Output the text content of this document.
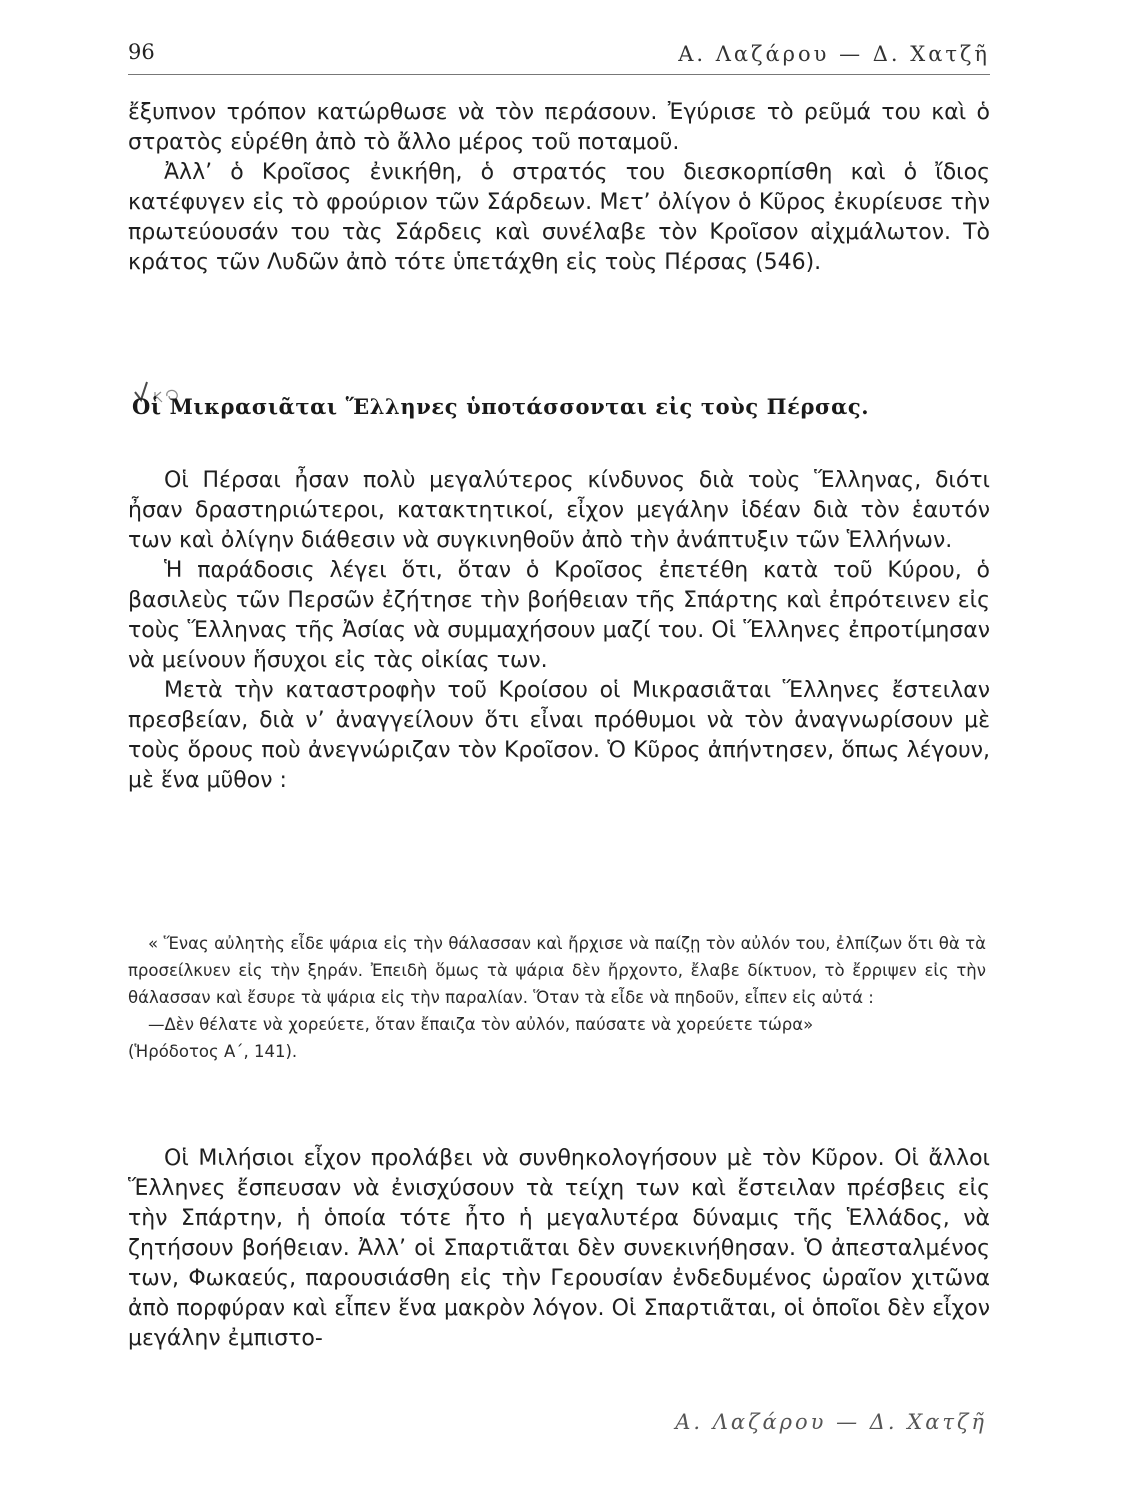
96	Α. Λαζάρου — Δ. Χατζῆ

ἔξυπνον τρόπον κατώρθωσε νὰ τὸν περάσουν. Ἐγύρισε τὸ ρεῦμά του καὶ ὁ στρατὸς εὑρέθη ἀπὸ τὸ ἄλλο μέρος τοῦ ποταμοῦ.

Ἀλλ’ ὁ Κροῖσος ἐνικήθη, ὁ στρατός του διεσκορπίσθη καὶ ὁ ἴδιος κατέφυγεν εἰς τὸ φρούριον τῶν Σάρδεων. Μετ’ ὀλίγον ὁ Κῦρος ἐκυρίευσε τὴν πρωτεύουσάν του τὰς Σάρδεις καὶ συνέλαβε τὸν Κροῖσον αἰχμάλωτον. Τὸ κράτος τῶν Λυδῶν ἀπὸ τότε ὑπετάχθη εἰς τοὺς Πέρσας (546).

Οἱ Μικρασιᾶται Ἕλληνες ὑποτάσσονται εἰς τοὺς Πέρσας.

Οἱ Πέρσαι ἦσαν πολὺ μεγαλύτερος κίνδυνος διὰ τοὺς Ἕλληνας, διότι ἦσαν δραστηριώτεροι, κατακτητικοί, εἶχον μεγάλην ἰδέαν διὰ τὸν ἑαυτόν των καὶ ὀλίγην διάθεσιν νὰ συγκινηθοῦν ἀπὸ τὴν ἀνάπτυξιν τῶν Ἑλλήνων.

Ἡ παράδοσις λέγει ὅτι, ὅταν ὁ Κροῖσος ἐπετέθη κατὰ τοῦ Κύρου, ὁ βασιλεὺς τῶν Περσῶν ἐζήτησε τὴν βοήθειαν τῆς Σπάρτης καὶ ἐπρότεινεν εἰς τοὺς Ἕλληνας τῆς Ἀσίας νὰ συμμαχήσουν μαζί του. Οἱ Ἕλληνες ἐπροτίμησαν νὰ μείνουν ἥσυχοι εἰς τὰς οἰκίας των.

Μετὰ τὴν καταστροφὴν τοῦ Κροίσου οἱ Μικρασιᾶται Ἕλληνες ἔστειλαν πρεσβείαν, διὰ ν’ ἀναγγείλουν ὅτι εἶναι πρόθυμοι νὰ τὸν ἀναγνωρίσουν μὲ τοὺς ὅρους ποὺ ἀνεγνώριζαν τὸν Κροῖσον. Ὁ Κῦρος ἀπήντησεν, ὅπως λέγουν, μὲ ἕνα μῦθον :

« Ἕνας αὐλητὴς εἶδε ψάρια εἰς τὴν θάλασσαν καὶ ἤρχισε νὰ παίζῃ τὸν αὐλόν του, ἐλπίζων ὅτι θὰ τὰ προσείλκυεν εἰς τὴν ξηράν. Ἐπειδὴ ὅμως τὰ ψάρια δὲν ἤρχοντο, ἔλαβε δίκτυον, τὸ ἔρριψεν εἰς τὴν θάλασσαν καὶ ἔσυρε τὰ ψάρια εἰς τὴν παραλίαν. Ὅταν τὰ εἶδε νὰ πηδοῦν, εἶπεν εἰς αὐτά :

—Δὲν θέλατε νὰ χορεύετε, ὅταν ἔπαιζα τὸν αὐλόν, παύσατε νὰ χορεύετε τώρα»

(Ἡρόδοτος Α΄, 141).

Οἱ Μιλήσιοι εἶχον προλάβει νὰ συνθηκολογήσουν μὲ τὸν Κῦρον. Οἱ ἄλλοι Ἕλληνες ἔσπευσαν νὰ ἐνισχύσουν τὰ τείχη των καὶ ἔστειλαν πρέσβεις εἰς τὴν Σπάρτην, ἡ ὁποία τότε ἦτο ἡ μεγαλυτέρα δύναμις τῆς Ἑλλάδος, νὰ ζητήσουν βοήθειαν. Ἀλλ’ οἱ Σπαρτιᾶται δὲν συνεκινήθησαν. Ὁ ἀπεσταλμένος των, Φωκαεύς, παρουσιάσθη εἰς τὴν Γερουσίαν ἐνδεδυμένος ὡραῖον χιτῶνα ἀπὸ πορφύραν καὶ εἶπεν ἕνα μακρὸν λόγον. Οἱ Σπαρτιᾶται, οἱ ὁποῖοι δὲν εἶχον μεγάλην ἐμπιστο-

Α. Λαζάρου — Δ. Χατζῆ
